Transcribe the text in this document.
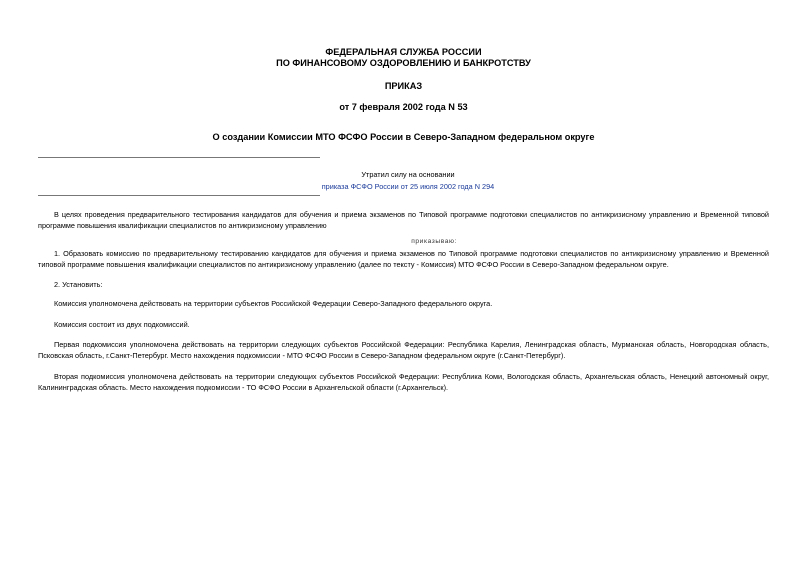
ФЕДЕРАЛЬНАЯ СЛУЖБА РОССИИ
ПО ФИНАНСОВОМУ ОЗДОРОВЛЕНИЮ И БАНКРОТСТВУ
ПРИКАЗ
от 7 февраля 2002 года N 53
О создании Комиссии МТО ФСФО России в Северо-Западном федеральном округе
Утратил силу на основании
приказа ФСФО России от 25 июля 2002 года N 294
В целях проведения предварительного тестирования кандидатов для обучения и приема экзаменов по Типовой программе подготовки специалистов по антикризисному управлению и Временной типовой программе повышения квалификации специалистов по антикризисному управлению
приказываю:
1. Образовать комиссию по предварительному тестированию кандидатов для обучения и приема экзаменов по Типовой программе подготовки специалистов по антикризисному управлению и Временной типовой программе повышения квалификации специалистов по антикризисному управлению (далее по тексту - Комиссия) МТО ФСФО России в Северо-Западном федеральном округе.
2. Установить:
Комиссия уполномочена действовать на территории субъектов Российской Федерации Северо-Западного федерального округа.
Комиссия состоит из двух подкомиссий.
Первая подкомиссия уполномочена действовать на территории следующих субъектов Российской Федерации: Республика Карелия, Ленинградская область, Мурманская область, Новгородская область, Псковская область, г.Санкт-Петербург. Место нахождения подкомиссии - МТО ФСФО России в Северо-Западном федеральном округе (г.Санкт-Петербург).
Вторая подкомиссия уполномочена действовать на территории следующих субъектов Российской Федерации: Республика Коми, Вологодская область, Архангельская область, Ненецкий автономный округ, Калининградская область. Место нахождения подкомиссии - ТО ФСФО России в Архангельской области (г.Архангельск).
